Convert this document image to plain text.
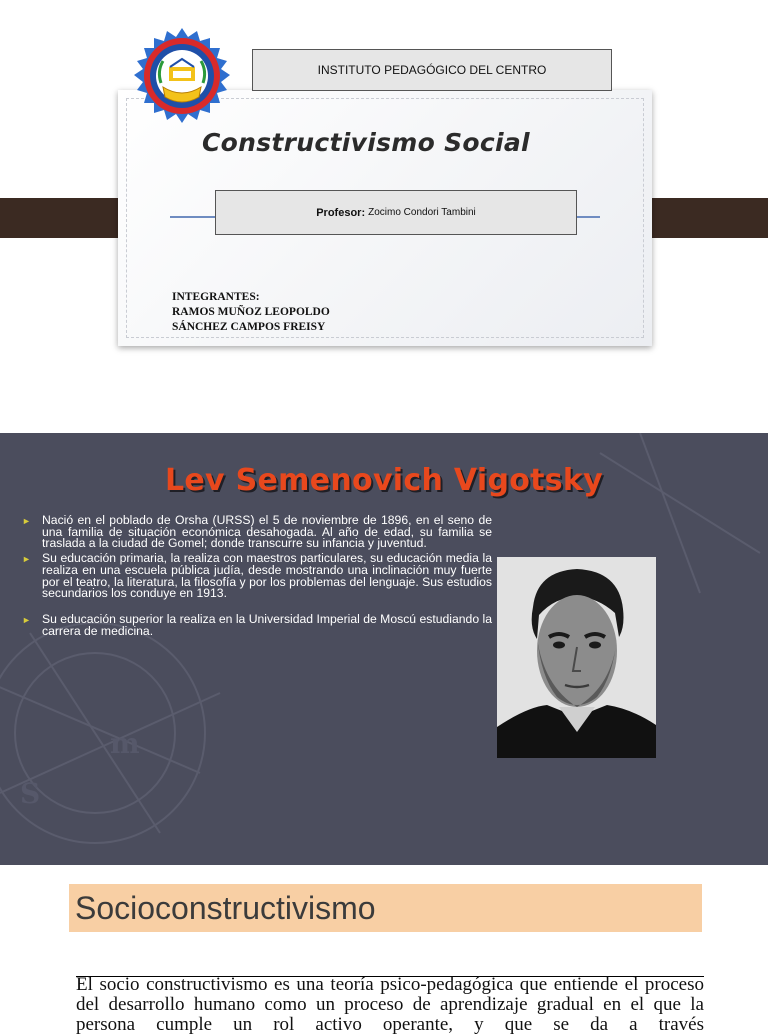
INSTITUTO PEDAGÓGICO DEL CENTRO
Constructivismo Social
Profesor: Zocimo Condori Tambini
INTEGRANTES:
RAMOS MUÑOZ LEOPOLDO
SÁNCHEZ CAMPOS FREISY
m
S
Lev Semenovich Vigotsky
► Nació en el poblado de Orsha (URSS) el 5 de noviembre de 1896, en el seno de una familia de situación económica desahogada. Al año de edad, su familia se traslada a la ciudad de Gomel; donde transcurre su infancia y juventud.
► Su educación primaria, la realiza con maestros particulares, su educación media la realiza en una escuela pública judía, desde mostrando una inclinación muy fuerte por el teatro, la literatura, la filosofía y por los problemas del lenguaje. Sus estudios secundarios los conduye en 1913.
► Su educación superior la realiza en la Universidad Imperial de Moscú estudiando la carrera de medicina.
Socioconstructivismo
El socio constructivismo es una teoría psico-pedagógica que entiende el proceso del desarrollo humano como un proceso de aprendizaje gradual en el que la persona cumple un rol activo operante, y que se da a través
